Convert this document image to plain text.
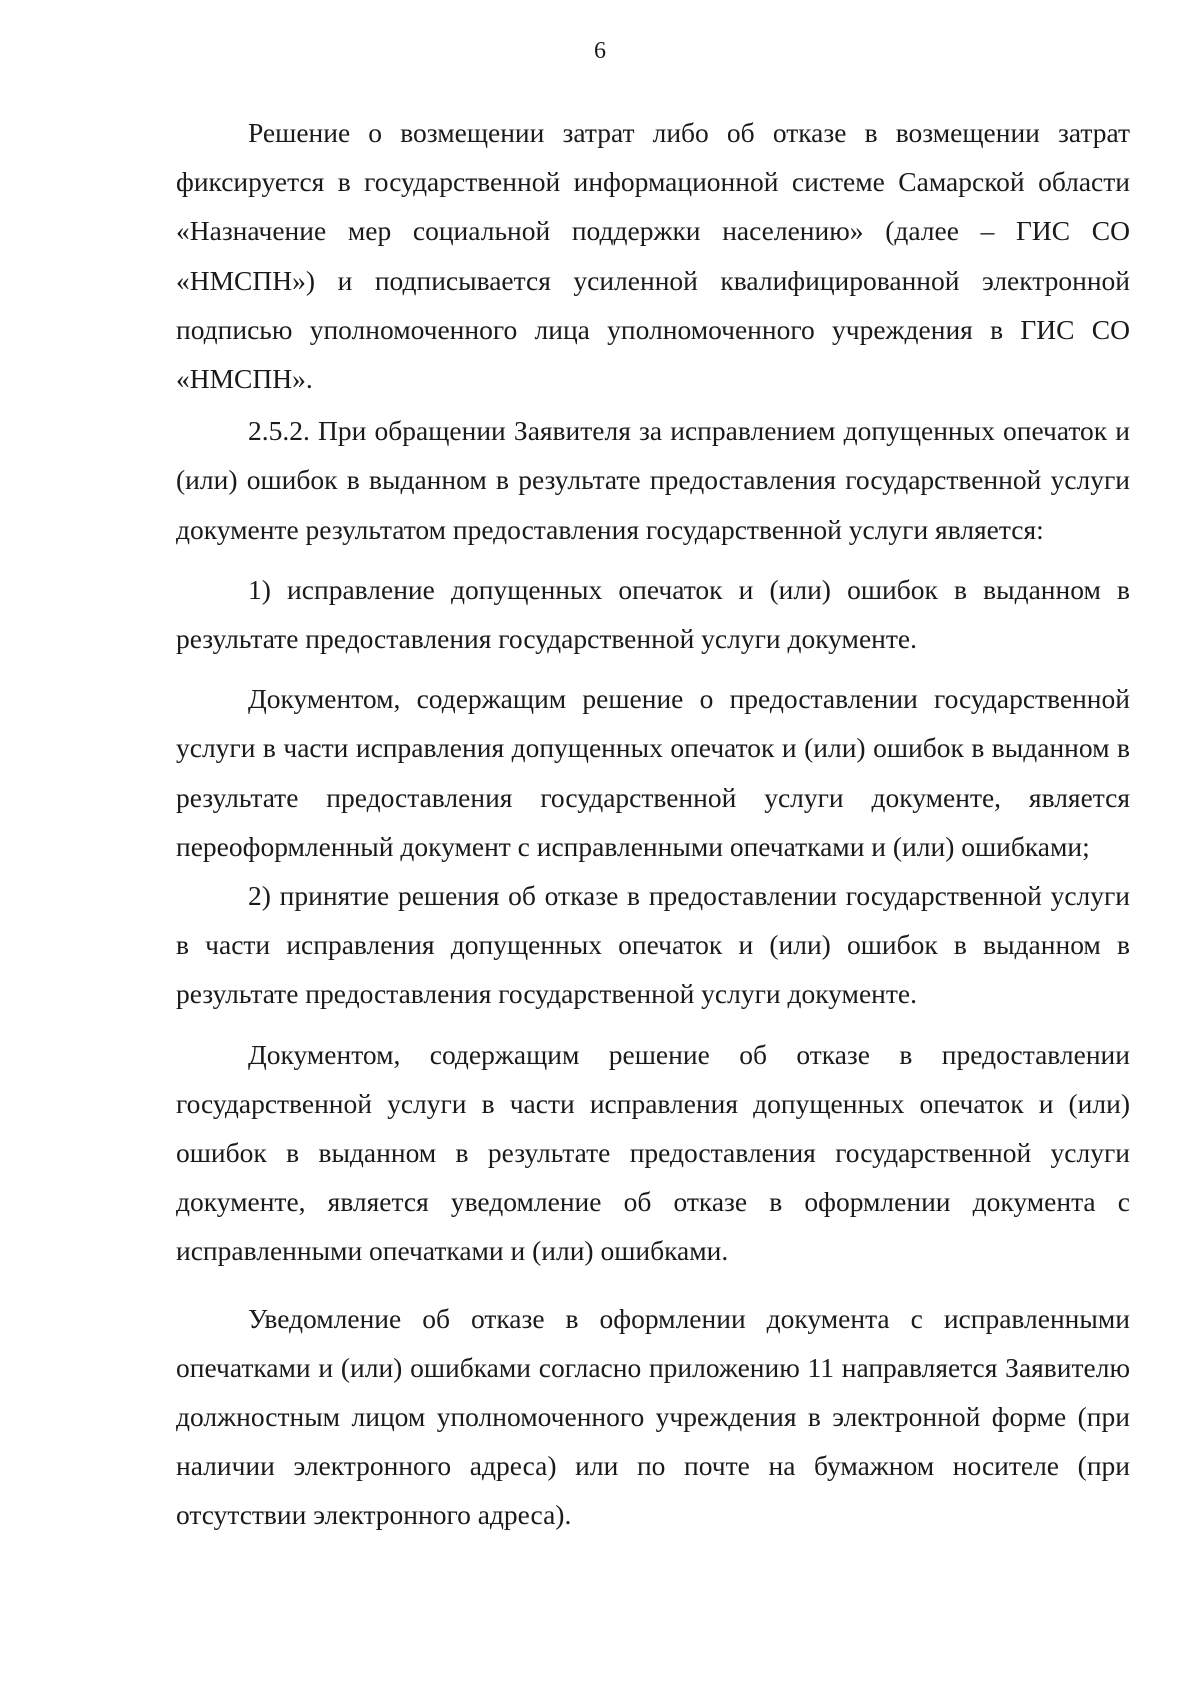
6

Решение о возмещении затрат либо об отказе в возмещении затрат фиксируется в государственной информационной системе Самарской области «Назначение мер социальной поддержки населению» (далее – ГИС СО «НМСПН») и подписывается усиленной квалифицированной электронной подписью уполномоченного лица уполномоченного учреждения в ГИС СО «НМСПН».

2.5.2. При обращении Заявителя за исправлением допущенных опечаток и (или) ошибок в выданном в результате предоставления государственной услуги документе результатом предоставления государственной услуги является:

1) исправление допущенных опечаток и (или) ошибок в выданном в результате предоставления государственной услуги документе.

Документом, содержащим решение о предоставлении государственной услуги в части исправления допущенных опечаток и (или) ошибок в выданном в результате предоставления государственной услуги документе, является переоформленный документ с исправленными опечатками и (или) ошибками;

2) принятие решения об отказе в предоставлении государственной услуги в части исправления допущенных опечаток и (или) ошибок в выданном в результате предоставления государственной услуги документе.

Документом, содержащим решение об отказе в предоставлении государственной услуги в части исправления допущенных опечаток и (или) ошибок в выданном в результате предоставления государственной услуги документе, является уведомление об отказе в оформлении документа с исправленными опечатками и (или) ошибками.

Уведомление об отказе в оформлении документа с исправленными опечатками и (или) ошибками согласно приложению 11 направляется Заявителю должностным лицом уполномоченного учреждения в электронной форме (при наличии электронного адреса) или по почте на бумажном носителе (при отсутствии электронного адреса).
